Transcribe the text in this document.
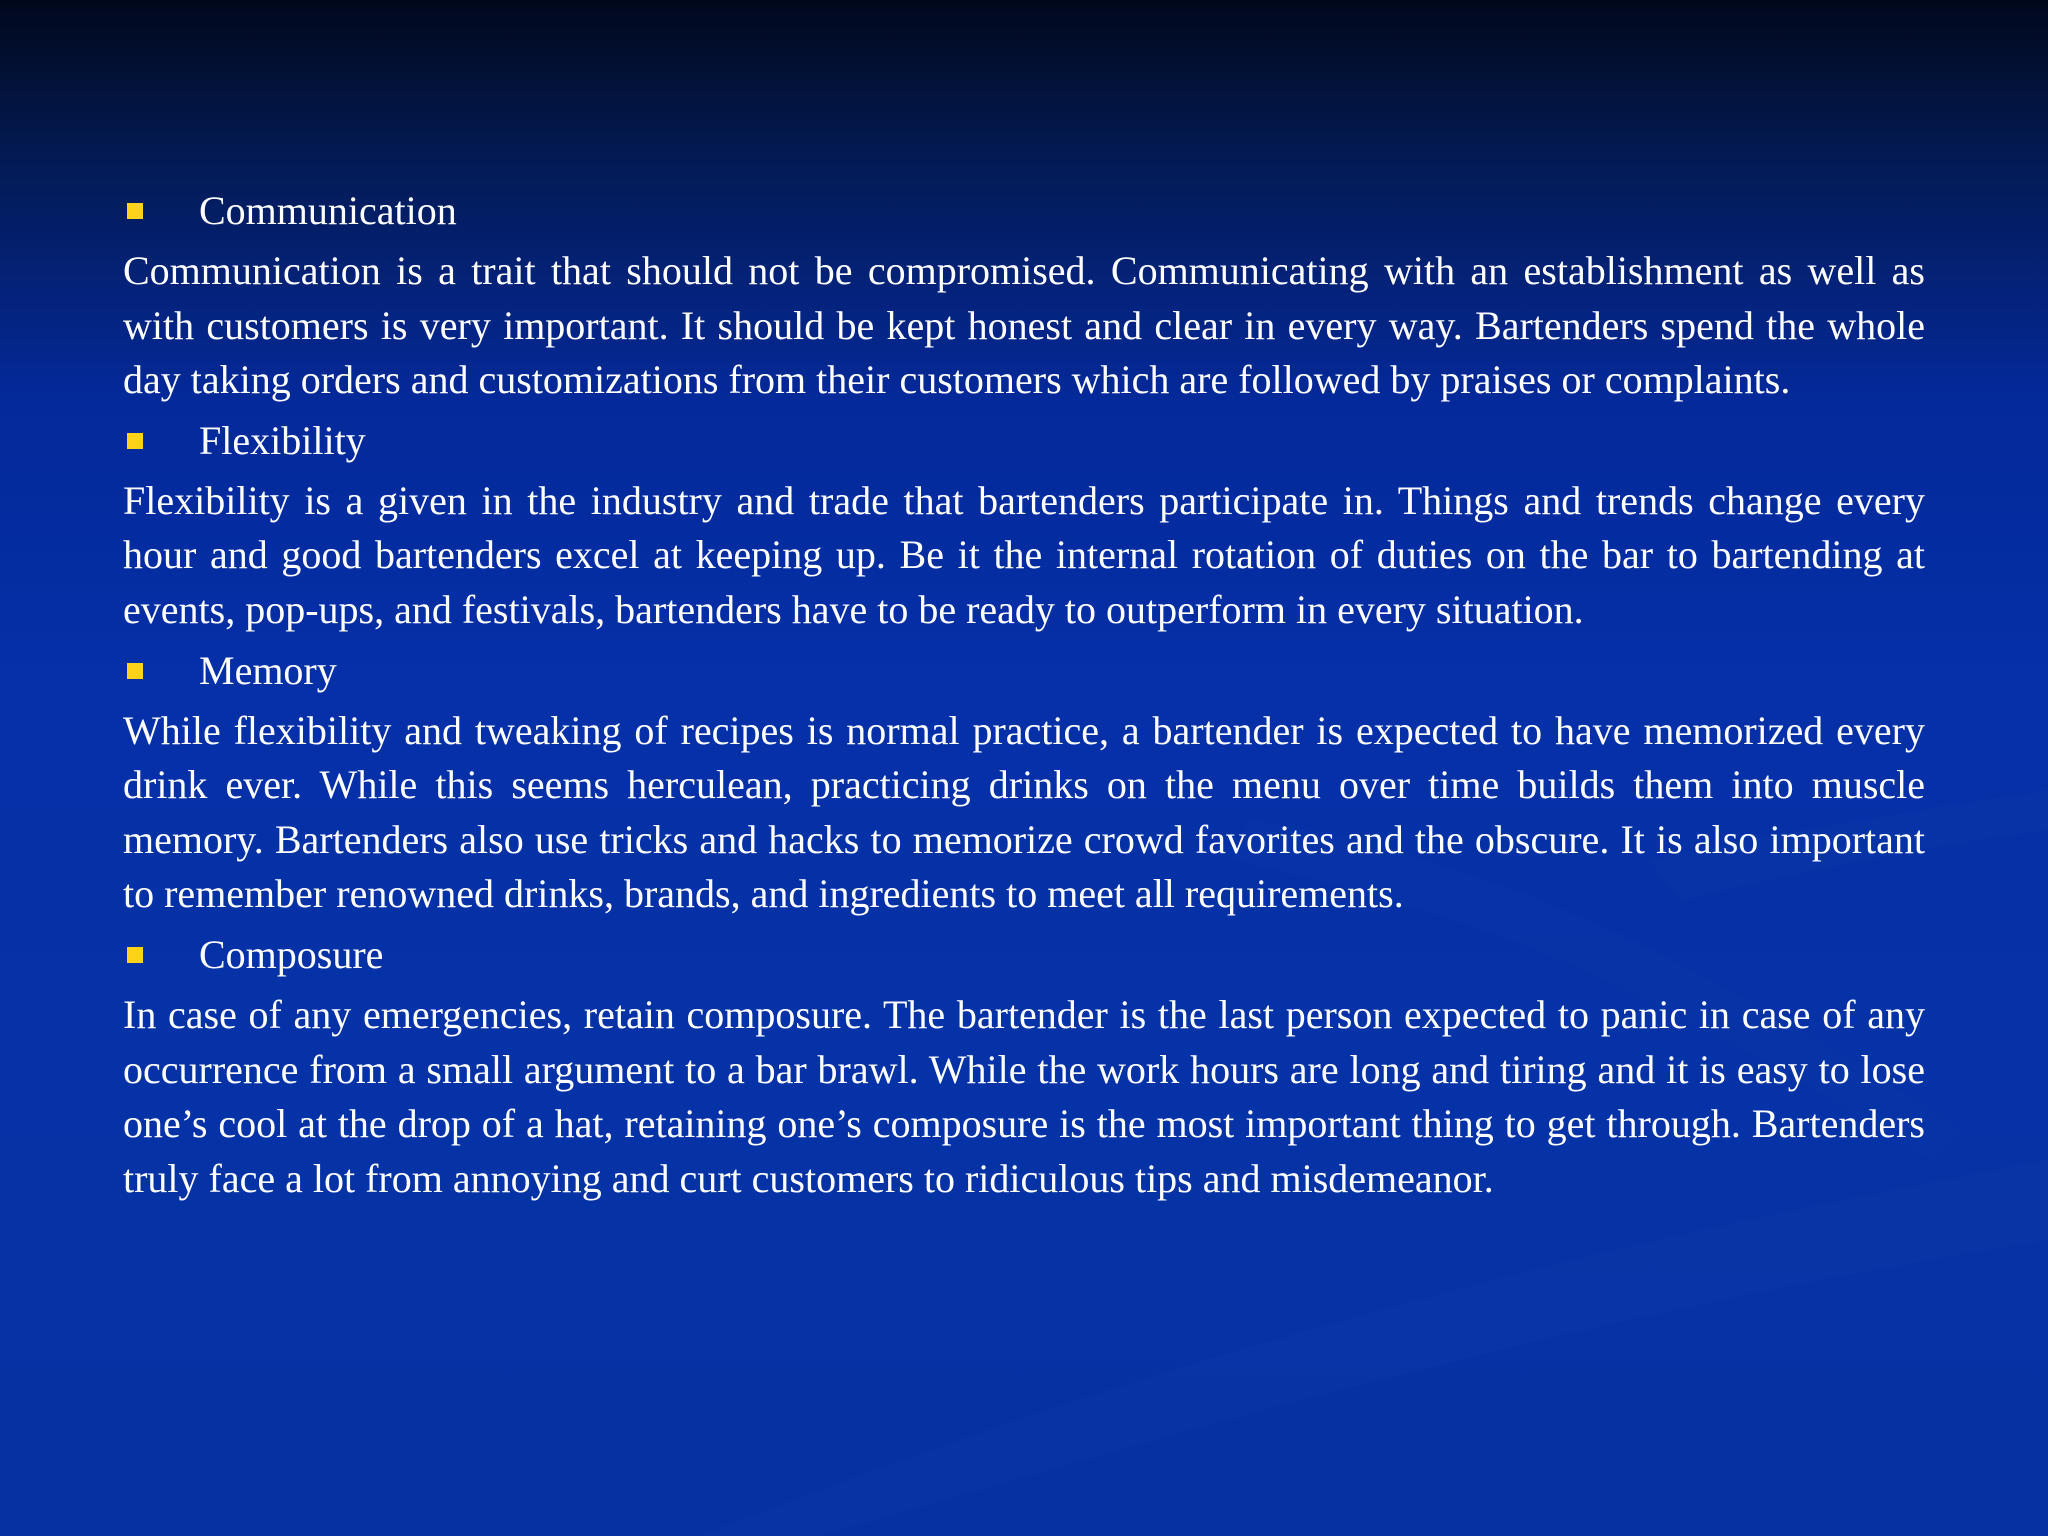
Communication

Communication is a trait that should not be compromised. Communicating with an establishment as well as with customers is very important. It should be kept honest and clear in every way. Bartenders spend the whole day taking orders and customizations from their customers which are followed by praises or complaints.

Flexibility

Flexibility is a given in the industry and trade that bartenders participate in. Things and trends change every hour and good bartenders excel at keeping up. Be it the internal rotation of duties on the bar to bartending at events, pop-ups, and festivals, bartenders have to be ready to outperform in every situation.

Memory

While flexibility and tweaking of recipes is normal practice, a bartender is expected to have memorized every drink ever. While this seems herculean, practicing drinks on the menu over time builds them into muscle memory. Bartenders also use tricks and hacks to memorize crowd favorites and the obscure. It is also important to remember renowned drinks, brands, and ingredients to meet all requirements.

Composure

In case of any emergencies, retain composure. The bartender is the last person expected to panic in case of any occurrence from a small argument to a bar brawl. While the work hours are long and tiring and it is easy to lose one’s cool at the drop of a hat, retaining one’s composure is the most important thing to get through. Bartenders truly face a lot from annoying and curt customers to ridiculous tips and misdemeanor.
